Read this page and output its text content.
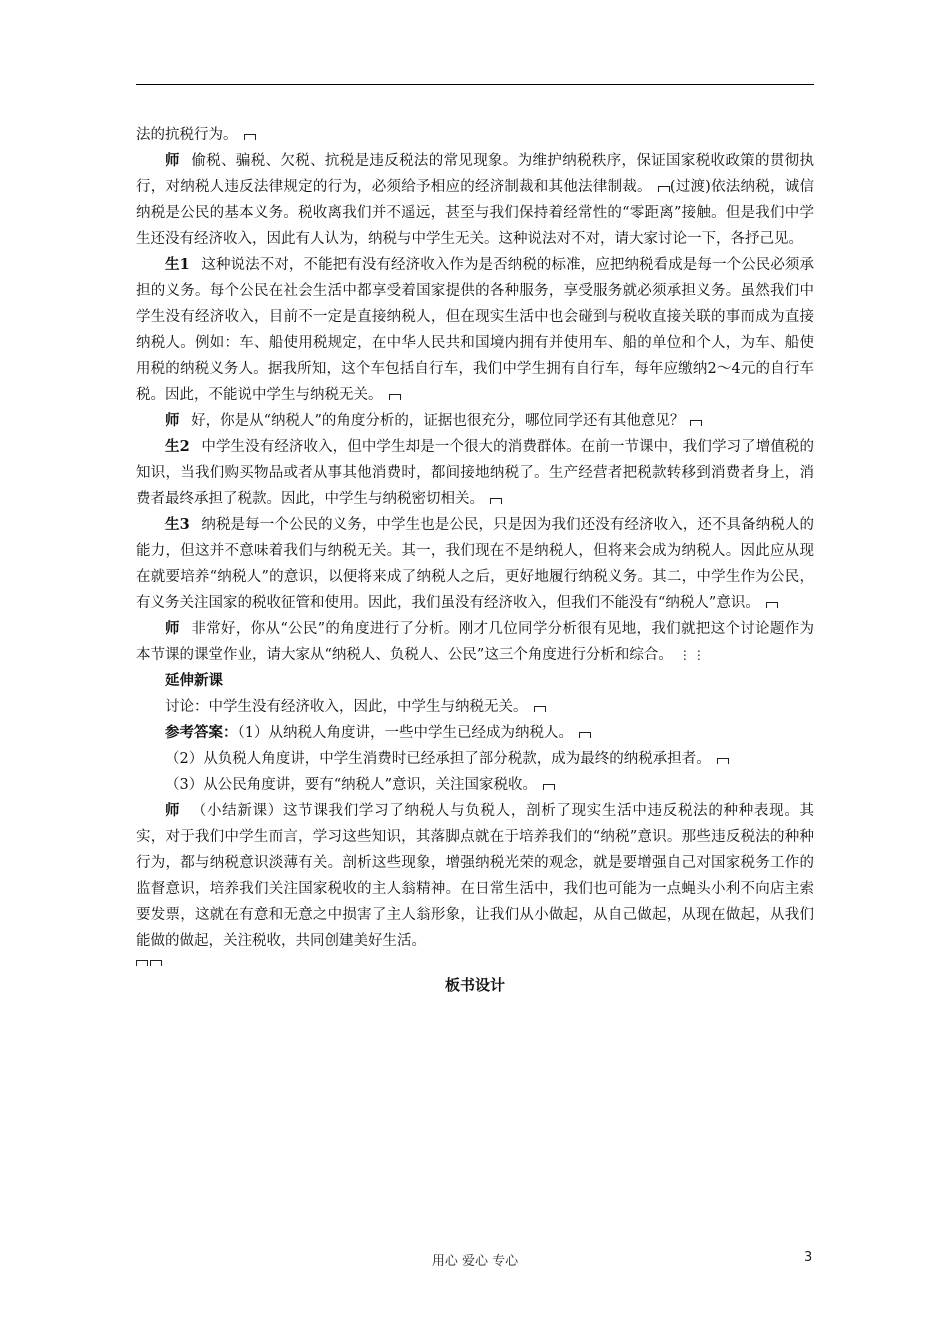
法的抗税行为。

师 偷税、骗税、欠税、抗税是违反税法的常见现象。为维护纳税秩序，保证国家税收政策的贯彻执行，对纳税人违反法律规定的行为，必须给予相应的经济制裁和其他法律制裁。 (过渡)依法纳税，诚信纳税是公民的基本义务。税收离我们并不遥远，甚至与我们保持着经常性的“零距离”接触。但是我们中学生还没有经济收入，因此有人认为，纳税与中学生无关。这种说法对不对，请大家讨论一下，各抒己见。

生1 这种说法不对，不能把有没有经济收入作为是否纳税的标准，应把纳税看成是每一个公民必须承担的义务。每个公民在社会生活中都享受着国家提供的各种服务，享受服务就必须承担义务。虽然我们中学生没有经济收入，目前不一定是直接纳税人，但在现实生活中也会碰到与税收直接关联的事而成为直接纳税人。例如：车、船使用税规定，在中华人民共和国境内拥有并使用车、船的单位和个人，为车、船使用税的纳税义务人。据我所知，这个车包括自行车，我们中学生拥有自行车，每年应缴纳2～4元的自行车税。因此，不能说中学生与纳税无关。

师 好，你是从“纳税人”的角度分析的，证据也很充分，哪位同学还有其他意见？

生2 中学生没有经济收入，但中学生却是一个很大的消费群体。在前一节课中，我们学习了增值税的知识，当我们购买物品或者从事其他消费时，都间接地纳税了。生产经营者把税款转移到消费者身上，消费者最终承担了税款。因此，中学生与纳税密切相关。

生3 纳税是每一个公民的义务，中学生也是公民，只是因为我们还没有经济收入，还不具备纳税人的能力，但这并不意味着我们与纳税无关。其一，我们现在不是纳税人，但将来会成为纳税人。因此应从现在就要培养“纳税人”的意识，以便将来成了纳税人之后，更好地履行纳税义务。其二，中学生作为公民，有义务关注国家的税收征管和使用。因此，我们虽没有经济收入，但我们不能没有“纳税人”意识。

师 非常好，你从“公民”的角度进行了分析。刚才几位同学分析很有见地，我们就把这个讨论题作为本节课的课堂作业，请大家从“纳税人、负税人、公民”这三个角度进行分析和综合。 ⋮⋮

延伸新课

讨论：中学生没有经济收入，因此，中学生与纳税无关。

参考答案：（1）从纳税人角度讲，一些中学生已经成为纳税人。

（2）从负税人角度讲，中学生消费时已经承担了部分税款，成为最终的纳税承担者。

（3）从公民角度讲，要有“纳税人”意识，关注国家税收。

师 （小结新课）这节课我们学习了纳税人与负税人，剖析了现实生活中违反税法的种种表现。其实，对于我们中学生而言，学习这些知识，其落脚点就在于培养我们的“纳税”意识。那些违反税法的种种行为，都与纳税意识淡薄有关。剖析这些现象，增强纳税光荣的观念，就是要增强自己对国家税务工作的监督意识，培养我们关注国家税收的主人翁精神。在日常生活中，我们也可能为一点蝇头小利不向店主索要发票，这就在有意和无意之中损害了主人翁形象，让我们从小做起，从自己做起，从现在做起，从我们能做的做起，关注税收，共同创建美好生活。

板书设计

用心 爱心 专心	3
